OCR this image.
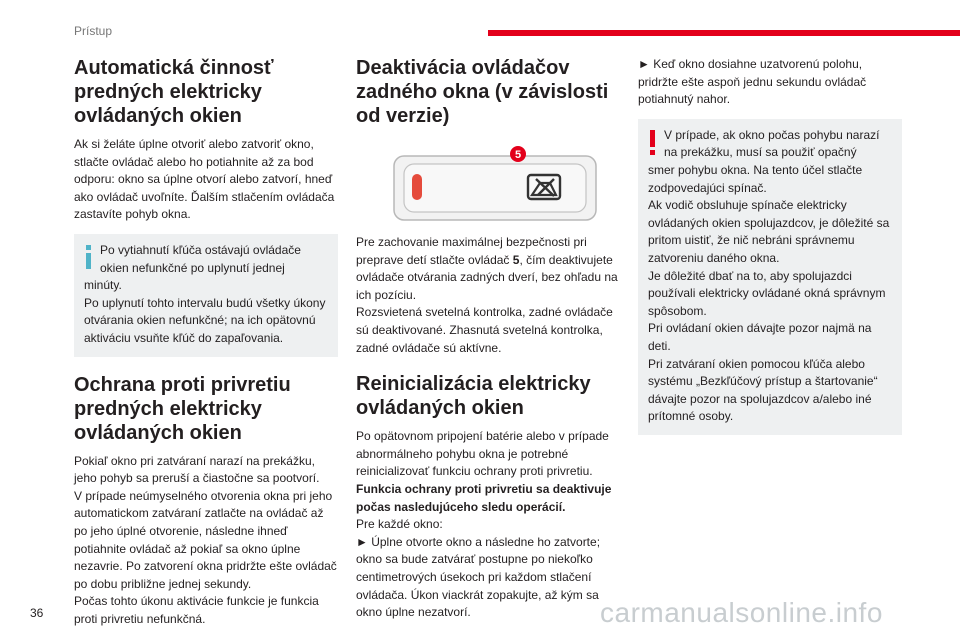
Prístup
Automatická činnosť
predných elektricky
ovládaných okien

Ak si želáte úplne otvoriť alebo zatvoriť okno, stlačte ovládač alebo ho potiahnite až za bod odporu: okno sa úplne otvorí alebo zatvorí, hneď ako ovládač uvoľníte. Ďalším stlačením ovládača zastavíte pohyb okna.

Po vytiahnutí kľúča ostávajú ovládače
okien nefunkčné po uplynutí jednej
minúty.
Po uplynutí tohto intervalu budú všetky úkony otvárania okien nefunkčné; na ich opätovnú aktiváciu vsuňte kľúč do zapaľovania.
Ochrana proti privretiu
predných elektricky
ovládaných okien

Pokiaľ okno pri zatváraní narazí na prekážku, jeho pohyb sa preruší a čiastočne sa pootvorí.

V prípade neúmyselného otvorenia okna pri jeho automatickom zatváraní zatlačte na ovládač až po jeho úplné otvorenie, následne ihneď potiahnite ovládač až pokiaľ sa okno úplne nezavrie. Po zatvorení okna pridržte ešte ovládač po dobu približne jednej sekundy.

Počas tohto úkonu aktivácie funkcie je funkcia proti privretiu nefunkčná.

Deaktivácia ovládačov
zadného okna (v závislosti
od verzie)
5

Pre zachovanie maximálnej bezpečnosti pri preprave detí stlačte ovládač 5, čím deaktivujete ovládače otvárania zadných dverí, bez ohľadu na ich pozíciu.

Rozsvietená svetelná kontrolka, zadné ovládače sú deaktivované. Zhasnutá svetelná kontrolka, zadné ovládače sú aktívne.

Reinicializácia elektricky
ovládaných okien

Po opätovnom pripojení batérie alebo v prípade abnormálneho pohybu okna je potrebné reinicializovať funkciu ochrany proti privretiu.

Funkcia ochrany proti privretiu sa deaktivuje počas nasledujúceho sledu operácií.

Pre každé okno:

► Úplne otvorte okno a následne ho zatvorte; okno sa bude zatvárať postupne po niekoľko centimetrových úsekoch pri každom stlačení ovládača. Úkon viackrát zopakujte, až kým sa okno úplne nezatvorí.

► Keď okno dosiahne uzatvorenú polohu, pridržte ešte aspoň jednu sekundu ovládač potiahnutý nahor.

V prípade, ak okno počas pohybu narazí
na prekážku, musí sa použiť opačný
smer pohybu okna. Na tento účel stlačte zodpovedajúci spínač.
Ak vodič obsluhuje spínače elektricky ovládaných okien spolujazdcov, je dôležité sa pritom uistiť, že nič nebráni správnemu zatvoreniu daného okna.
Je dôležité dbať na to, aby spolujazdci používali elektricky ovládané okná správnym spôsobom.
Pri ovládaní okien dávajte pozor najmä na deti.
Pri zatváraní okien pomocou kľúča alebo systému „Bezkľúčový prístup a štartovanie“ dávajte pozor na spolujazdcov a/alebo iné prítomné osoby.
36	carmanualsonline.info
